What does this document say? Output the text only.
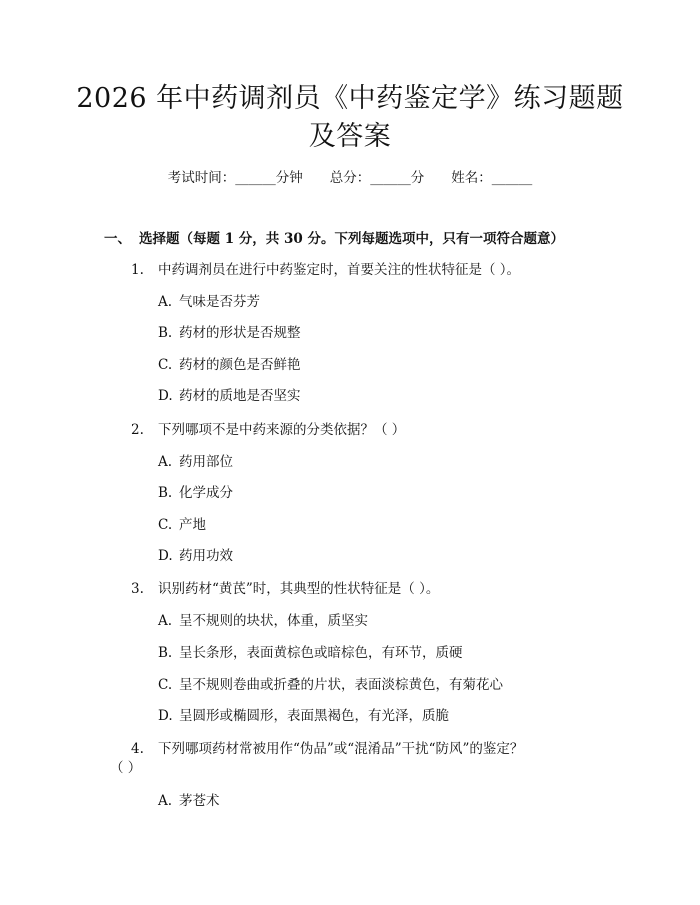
2026 年中药调剂员《中药鉴定学》练习题题
及答案
考试时间：______分钟　　总分：______分　　姓名：______
一、 选择题（每题 1 分，共 30 分。下列每题选项中，只有一项符合题意）
1. 中药调剂员在进行中药鉴定时，首要关注的性状特征是（ ）。
A. 气味是否芬芳
B. 药材的形状是否规整
C. 药材的颜色是否鲜艳
D. 药材的质地是否坚实
2. 下列哪项不是中药来源的分类依据？（ ）
A. 药用部位
B. 化学成分
C. 产地
D. 药用功效
3. 识别药材“黄芪”时，其典型的性状特征是（ ）。
A. 呈不规则的块状，体重，质坚实
B. 呈长条形，表面黄棕色或暗棕色，有环节，质硬
C. 呈不规则卷曲或折叠的片状，表面淡棕黄色，有菊花心
D. 呈圆形或椭圆形，表面黑褐色，有光泽，质脆
4. 下列哪项药材常被用作“伪品”或“混淆品”干扰“防风”的鉴定？
（ ）
A. 茅苍术
